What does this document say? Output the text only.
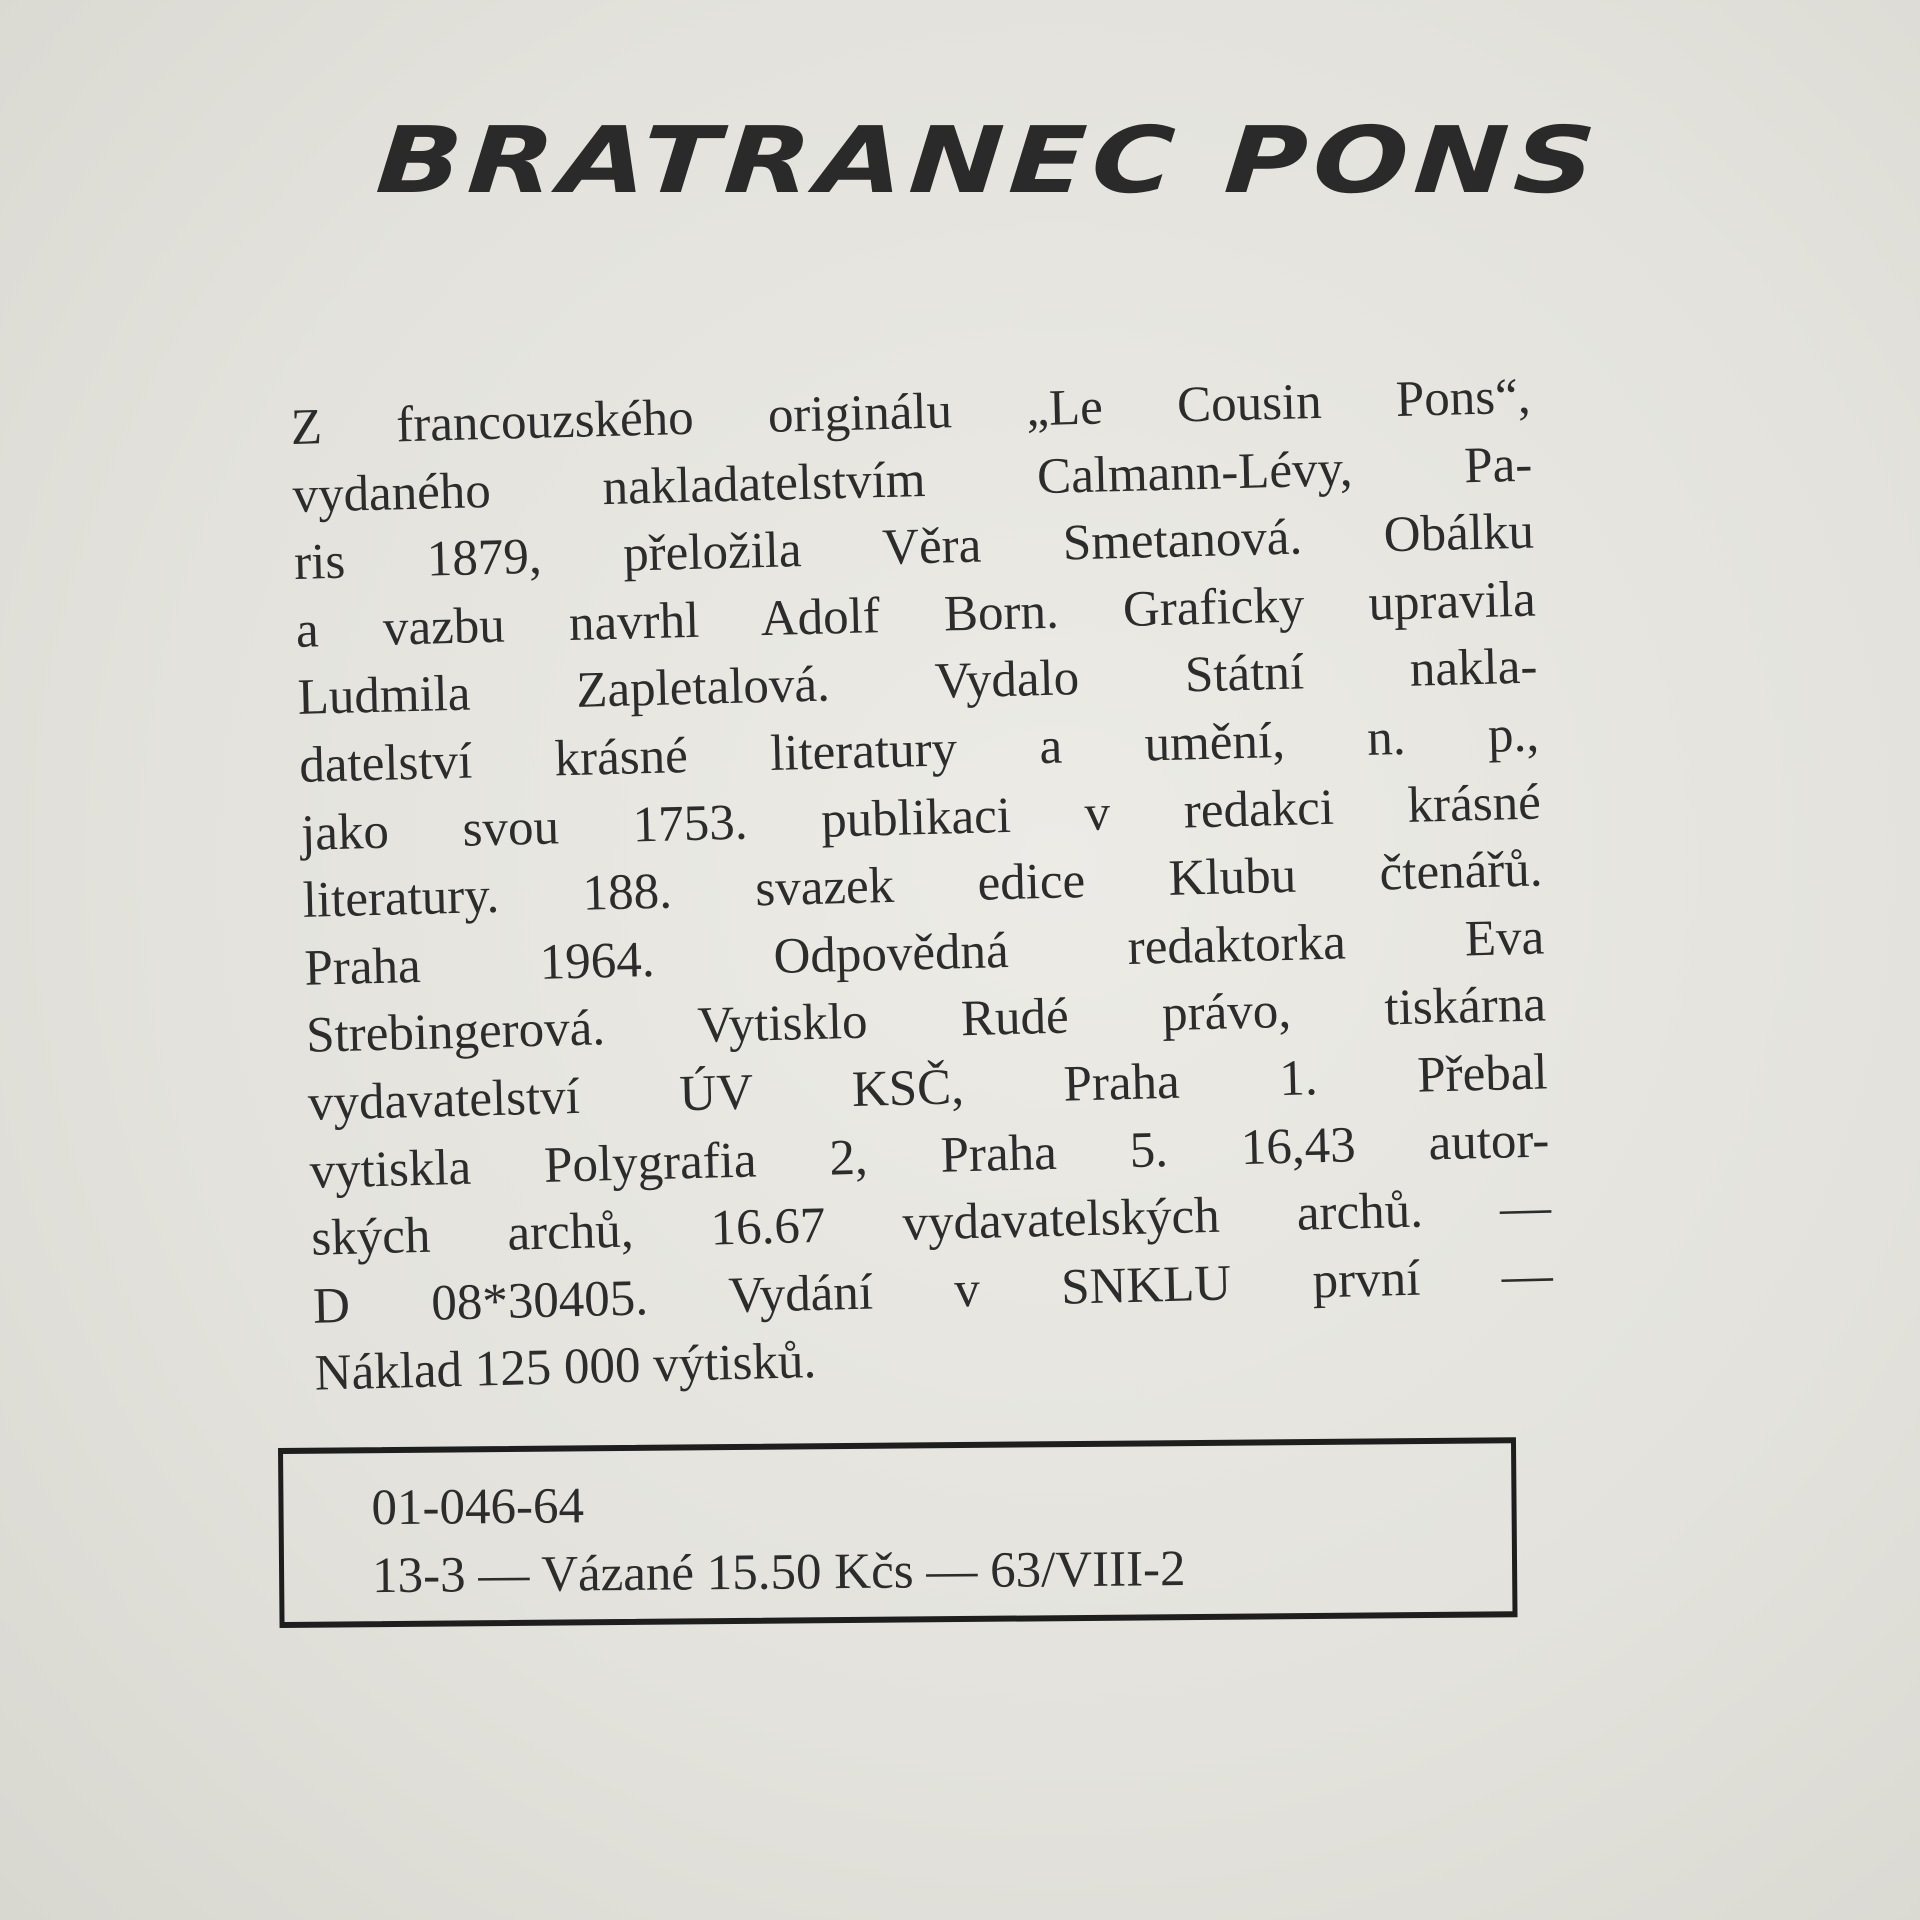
BRATRANEC PONS
Z francouzského originálu „Le Cousin Pons“,
vydaného nakladatelstvím Calmann-Lévy, Pa-
ris 1879, přeložila Věra Smetanová. Obálku
a vazbu navrhl Adolf Born. Graficky upravila
Ludmila Zapletalová. Vydalo Státní nakla-
datelství krásné literatury a umění, n. p.,
jako svou 1753. publikaci v redakci krásné
literatury. 188. svazek edice Klubu čtenářů.
Praha 1964. Odpovědná redaktorka Eva
Strebingerová. Vytisklo Rudé právo, tiskárna
vydavatelství ÚV KSČ, Praha 1. Přebal
vytiskla Polygrafia 2, Praha 5. 16,43 autor-
ských archů, 16.67 vydavatelských archů. —
D 08*30405. Vydání v SNKLU první —
Náklad 125 000 výtisků.
01-046-64
13-3 — Vázané 15.50 Kčs — 63/VIII-2
